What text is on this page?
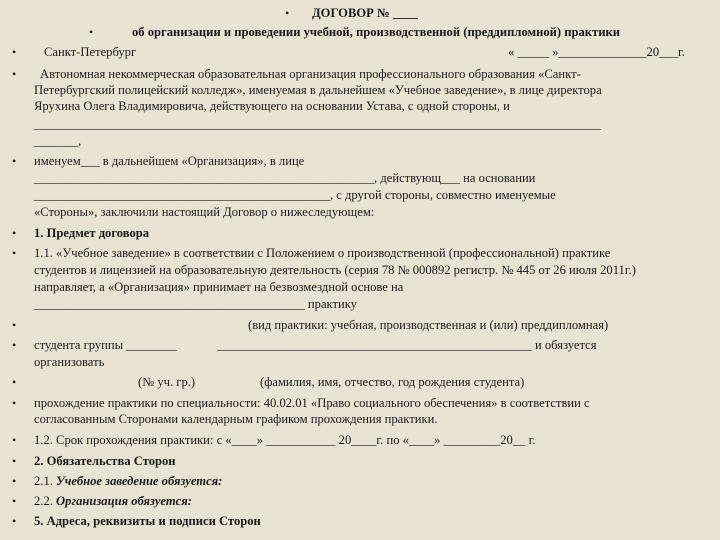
•
•
•
•
•
•
•
•
•
•
•
•
•
•
•
•
ДОГОВОР № ____
об организации и проведении учебной, производственной (преддипломной) практики
Санкт-Петербург	« _____ »______________20___г.
Автономная некоммерческая образовательная организация профессионального образования «Санкт-
Петербургский полицейский колледж», именуемая в дальнейшем «Учебное заведение», в лице директора
Ярухина Олега Владимировича, действующего на основании Устава, с одной стороны, и
__________________________________________________________________________________________
_______,
именуем___ в дальнейшем «Организация», в лице
______________________________________________________, действующ___ на основании
_______________________________________________, с другой стороны, совместно именуемые
«Стороны», заключили настоящий Договор о нижеследующем:
1. Предмет договора
1.1. «Учебное заведение» в соответствии с Положением о производственной (профессиональной) практике
студентов и лицензией на образовательную деятельность (серия 78 № 000892 регистр. № 445 от 26 июля 2011г.)
направляет, а «Организация» принимает на безвозмездной основе на
___________________________________________ практику
(вид практики: учебная, производственная и (или) преддипломная)
студента группы ________	__________________________________________________ и обязуется
организовать
(№ уч. гр.)	(фамилия, имя, отчество, год рождения студента)
прохождение практики по специальности: 40.02.01 «Право социального обеспечения» в соответствии с
согласованным Сторонами календарным графиком прохождения практики.
1.2. Срок прохождения практики: с «____» ___________ 20____г. по «____» _________20__ г.
2. Обязательства Сторон
2.1. Учебное заведение обязуется:
2.2. Организация обязуется:
5. Адреса, реквизиты и подписи Сторон
